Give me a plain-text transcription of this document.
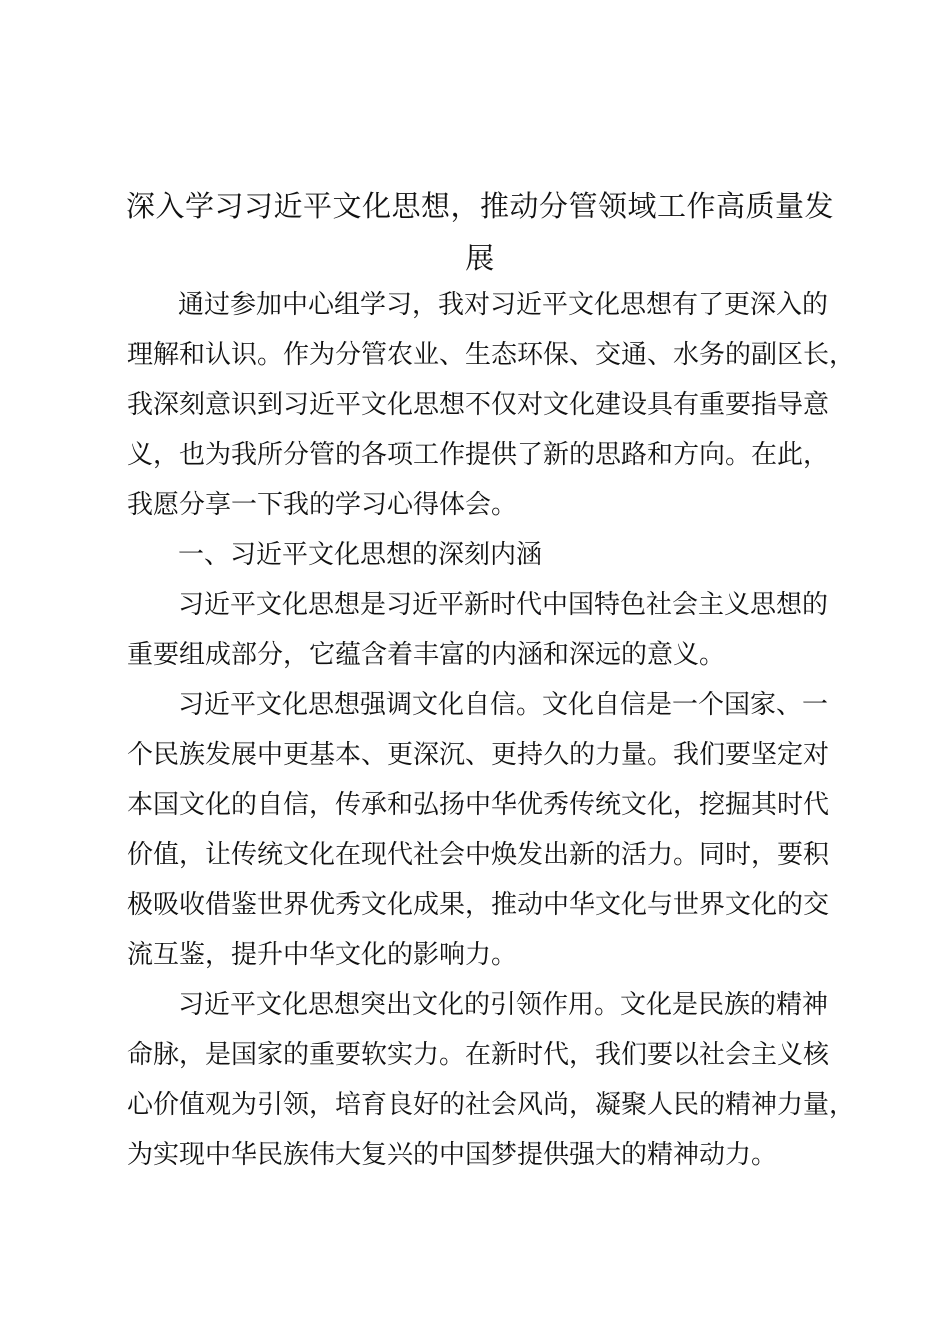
深入学习习近平文化思想，推动分管领域工作高质量发
展

通过参加中心组学习，我对习近平文化思想有了更深入的
理解和认识。作为分管农业、生态环保、交通、水务的副区长，
我深刻意识到习近平文化思想不仅对文化建设具有重要指导意
义，也为我所分管的各项工作提供了新的思路和方向。在此，
我愿分享一下我的学习心得体会。

一、习近平文化思想的深刻内涵

习近平文化思想是习近平新时代中国特色社会主义思想的
重要组成部分，它蕴含着丰富的内涵和深远的意义。

习近平文化思想强调文化自信。文化自信是一个国家、一
个民族发展中更基本、更深沉、更持久的力量。我们要坚定对
本国文化的自信，传承和弘扬中华优秀传统文化，挖掘其时代
价值，让传统文化在现代社会中焕发出新的活力。同时，要积
极吸收借鉴世界优秀文化成果，推动中华文化与世界文化的交
流互鉴，提升中华文化的影响力。

习近平文化思想突出文化的引领作用。文化是民族的精神
命脉，是国家的重要软实力。在新时代，我们要以社会主义核
心价值观为引领，培育良好的社会风尚，凝聚人民的精神力量，
为实现中华民族伟大复兴的中国梦提供强大的精神动力。
